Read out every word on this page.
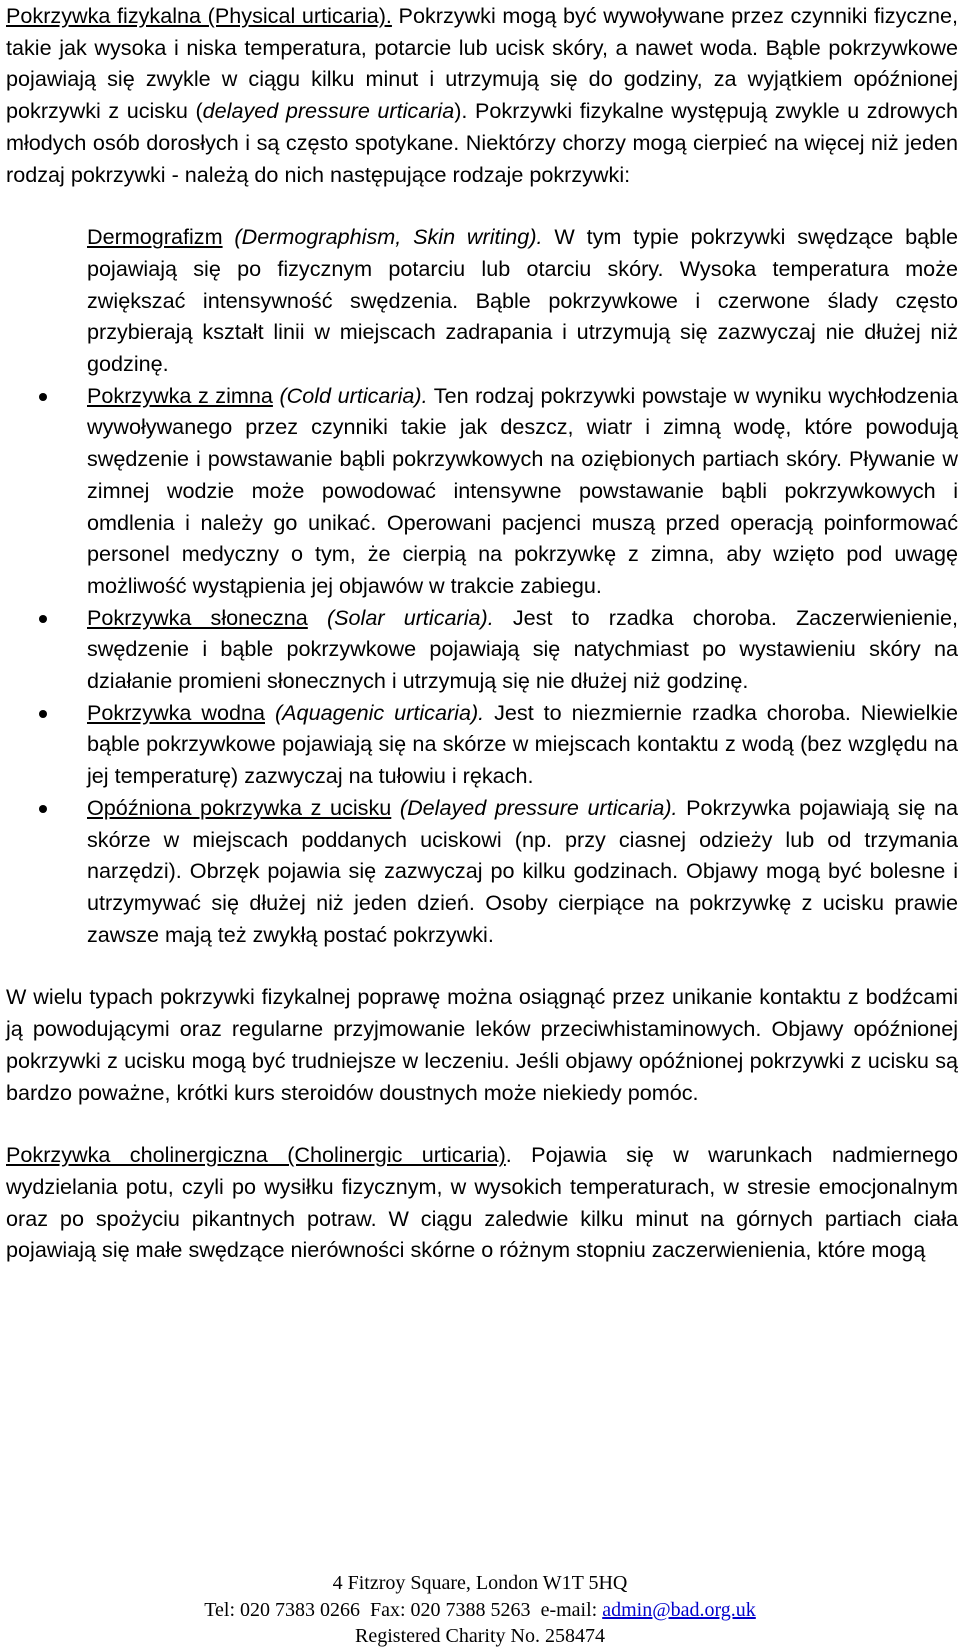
Pokrzywka fizykalna (Physical urticaria). Pokrzywki mogą być wywoływane przez czynniki fizyczne, takie jak wysoka i niska temperatura, potarcie lub ucisk skóry, a nawet woda. Bąble pokrzywkowe pojawiają się zwykle w ciągu kilku minut i utrzymują się do godziny, za wyjątkiem opóźnionej pokrzywki z ucisku (delayed pressure urticaria). Pokrzywki fizykalne występują zwykle u zdrowych młodych osób dorosłych i są często spotykane. Niektórzy chorzy mogą cierpieć na więcej niż jeden rodzaj pokrzywki - należą do nich następujące rodzaje pokrzywki:

Dermografizm (Dermographism, Skin writing). W tym typie pokrzywki swędzące bąble pojawiają się po fizycznym potarciu lub otarciu skóry. Wysoka temperatura może zwiększać intensywność swędzenia. Bąble pokrzywkowe i czerwone ślady często przybierają kształt linii w miejscach zadrapania i utrzymują się zazwyczaj nie dłużej niż godzinę.
Pokrzywka z zimna (Cold urticaria). Ten rodzaj pokrzywki powstaje w wyniku wychłodzenia wywoływanego przez czynniki takie jak deszcz, wiatr i zimną wodę, które powodują swędzenie i powstawanie bąbli pokrzywkowych na oziębionych partiach skóry. Pływanie w zimnej wodzie może powodować intensywne powstawanie bąbli pokrzywkowych i omdlenia i należy go unikać. Operowani pacjenci muszą przed operacją poinformować personel medyczny o tym, że cierpią na pokrzywkę z zimna, aby wzięto pod uwagę możliwość wystąpienia jej objawów w trakcie zabiegu.
Pokrzywka słoneczna (Solar urticaria). Jest to rzadka choroba. Zaczerwienienie, swędzenie i bąble pokrzywkowe pojawiają się natychmiast po wystawieniu skóry na działanie promieni słonecznych i utrzymują się nie dłużej niż godzinę.
Pokrzywka wodna (Aquagenic urticaria). Jest to niezmiernie rzadka choroba. Niewielkie bąble pokrzywkowe pojawiają się na skórze w miejscach kontaktu z wodą (bez względu na jej temperaturę) zazwyczaj na tułowiu i rękach.
Opóźniona pokrzywka z ucisku (Delayed pressure urticaria). Pokrzywka pojawiają się na skórze w miejscach poddanych uciskowi (np. przy ciasnej odzieży lub od trzymania narzędzi). Obrzęk pojawia się zazwyczaj po kilku godzinach. Objawy mogą być bolesne i utrzymywać się dłużej niż jeden dzień. Osoby cierpiące na pokrzywkę z ucisku prawie zawsze mają też zwykłą postać pokrzywki.

W wielu typach pokrzywki fizykalnej poprawę można osiągnąć przez unikanie kontaktu z bodźcami ją powodującymi oraz regularne przyjmowanie leków przeciwhistaminowych. Objawy opóźnionej pokrzywki z ucisku mogą być trudniejsze w leczeniu. Jeśli objawy opóźnionej pokrzywki z ucisku są bardzo poważne, krótki kurs steroidów doustnych może niekiedy pomóc.

Pokrzywka cholinergiczna (Cholinergic urticaria). Pojawia się w warunkach nadmiernego wydzielania potu, czyli po wysiłku fizycznym, w wysokich temperaturach, w stresie emocjonalnym oraz po spożyciu pikantnych potraw. W ciągu zaledwie kilku minut na górnych partiach ciała pojawiają się małe swędzące nierówności skórne o różnym stopniu zaczerwienienia, które mogą

4 Fitzroy Square, London W1T 5HQ
Tel: 020 7383 0266 Fax: 020 7388 5263 e-mail: admin@bad.org.uk
Registered Charity No. 258474
